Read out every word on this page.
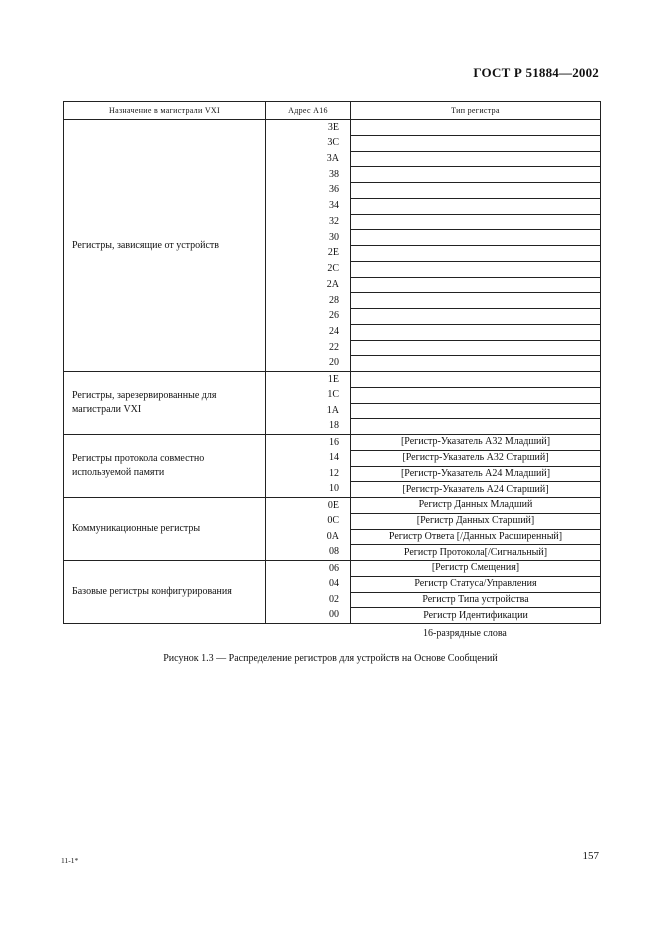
ГОСТ Р 51884—2002
Назначение в магистрали VXI	Адрес А16	Тип регистра
Регистры, зависящие от устройств	3E	
	3C	
	3A	
	38	
	36	
	34	
	32	
	30	
	2E	
	2C	
	2A	
	28	
	26	
	24	
	22	
	20	
Регистры, зарезервированные для магистрали VXI	1E	
	1C	
	1A	
	18	
Регистры протокола совместно используемой памяти	16	[Регистр-Указатель А32 Младший]
	14	[Регистр-Указатель А32 Старший]
	12	[Регистр-Указатель А24 Младший]
	10	[Регистр-Указатель А24 Старший]
Коммуникационные регистры	0E	Регистр Данных Младший
	0C	[Регистр Данных Старший]
	0A	Регистр Ответа [/Данных Расширенный]
	08	Регистр Протокола[/Сигнальный]
Базовые регистры конфигурирования	06	[Регистр Смещения]
	04	Регистр Статуса/Управления
	02	Регистр Типа устройства
	00	Регистр Идентификации
16-разрядные слова
Рисунок 1.3 — Распределение регистров для устройств на Основе Сообщений
11-1*	157
